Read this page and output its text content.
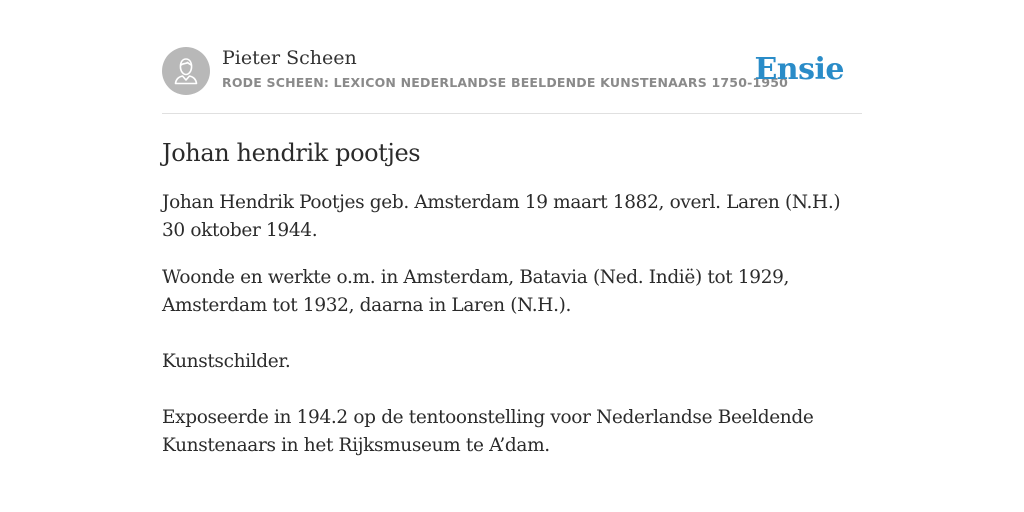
Pieter Scheen
RODE SCHEEN: LEXICON NEDERLANDSE BEELDENDE KUNSTENAARS 1750-1950
Ensie
Johan hendrik pootjes

Johan Hendrik Pootjes geb. Amsterdam 19 maart 1882, overl. Laren (N.H.) 30 oktober 1944.

Woonde en werkte o.m. in Amsterdam, Batavia (Ned. Indië) tot 1929, Amsterdam tot 1932, daarna in Laren (N.H.).

Kunstschilder.

Exposeerde in 194.2 op de tentoonstelling voor Nederlandse Beeldende Kunstenaars in het Rijksmuseum te A’dam.
